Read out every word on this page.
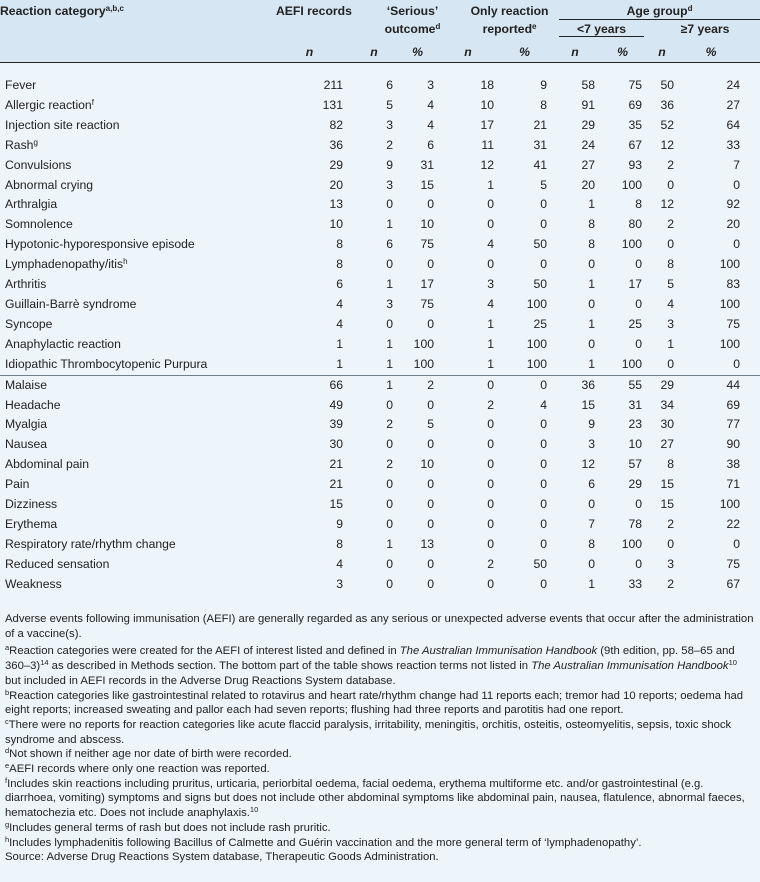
Reaction category$^{a,b,c}$	AEFI records	‘Serious’		Only reaction		Age group$^d$

		outcome$^d$		reported$^e$		<7 years		≥7 years	

	n	n	%	n	%	n	%	n	%

Fever	211	6	3	18	9	58	75	50	24
Allergic reaction$^f$	131	5	4	10	8	91	69	36	27
Injection site reaction	82	3	4	17	21	29	35	52	64
Rash$^g$	36	2	6	11	31	24	67	12	33
Convulsions	29	9	31	12	41	27	93	2	7
Abnormal crying	20	3	15	1	5	20	100	0	0
Arthralgia	13	0	0	0	0	1	8	12	92
Somnolence	10	1	10	0	0	8	80	2	20
Hypotonic-hyporesponsive episode	8	6	75	4	50	8	100	0	0
Lymphadenopathy/itis$^h$	8	0	0	0	0	0	0	8	100
Arthritis	6	1	17	3	50	1	17	5	83
Guillain-Barrè syndrome	4	3	75	4	100	0	0	4	100
Syncope	4	0	0	1	25	1	25	3	75
Anaphylactic reaction	1	1	100	1	100	0	0	1	100
Idiopathic Thrombocytopenic Purpura	1	1	100	1	100	1	100	0	0

Malaise	66	1	2	0	0	36	55	29	44
Headache	49	0	0	2	4	15	31	34	69
Myalgia	39	2	5	0	0	9	23	30	77
Nausea	30	0	0	0	0	3	10	27	90
Abdominal pain	21	2	10	0	0	12	57	8	38
Pain	21	0	0	0	0	6	29	15	71
Dizziness	15	0	0	0	0	0	0	15	100
Erythema	9	0	0	0	0	7	78	2	22
Respiratory rate/rhythm change	8	1	13	0	0	8	100	0	0
Reduced sensation	4	0	0	2	50	0	0	3	75
Weakness	3	0	0	0	0	1	33	2	67

Adverse events following immunisation (AEFI) are generally regarded as any serious or unexpected adverse events that occur after the administration of a vaccine(s).

$^a$Reaction categories were created for the AEFI of interest listed and defined in The Australian Immunisation Handbook (9th edition, pp. 58–65 and 360–3)$^{14}$ as described in Methods section. The bottom part of the table shows reaction terms not listed in The Australian Immunisation Handbook$^{10}$ but included in AEFI records in the Adverse Drug Reactions System database.

$^b$Reaction categories like gastrointestinal related to rotavirus and heart rate/rhythm change had 11 reports each; tremor had 10 reports; oedema had eight reports; increased sweating and pallor each had seven reports; flushing had three reports and parotitis had one report.

$^c$There were no reports for reaction categories like acute flaccid paralysis, irritability, meningitis, orchitis, osteitis, osteomyelitis, sepsis, toxic shock syndrome and abscess.

$^d$Not shown if neither age nor date of birth were recorded.

$^e$AEFI records where only one reaction was reported.

$^f$Includes skin reactions including pruritus, urticaria, periorbital oedema, facial oedema, erythema multiforme etc. and/or gastrointestinal (e.g. diarrhoea, vomiting) symptoms and signs but does not include other abdominal symptoms like abdominal pain, nausea, flatulence, abnormal faeces, hematochezia etc. Does not include anaphylaxis.$^{10}$

$^g$Includes general terms of rash but does not include rash pruritic.

$^h$Includes lymphadenitis following Bacillus of Calmette and Guérin vaccination and the more general term of ‘lymphadenopathy’.

Source: Adverse Drug Reactions System database, Therapeutic Goods Administration.
